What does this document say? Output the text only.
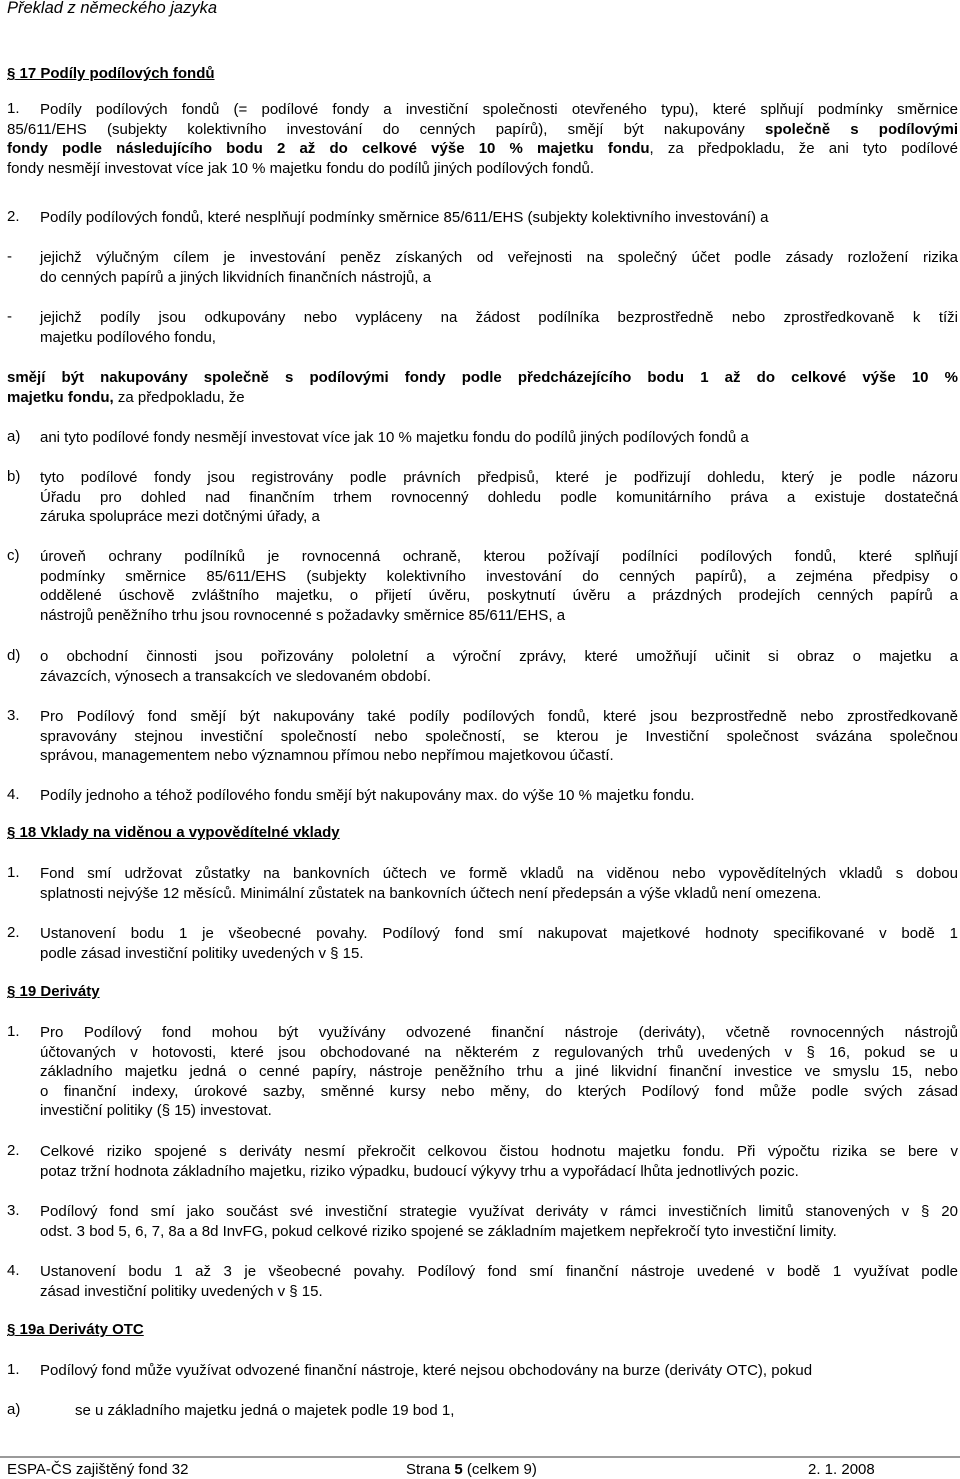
Překlad z německého jazyka
§ 17 Podíly podílových fondů
1. Podíly podílových fondů (= podílové fondy a investiční společnosti otevřeného typu), které splňují podmínky směrnice
85/611/EHS (subjekty kolektivního investování do cenných papírů), smějí být nakupovány společně s podílovými
fondy podle následujícího bodu 2 až do celkové výše 10 % majetku fondu, za předpokladu, že ani tyto podílové
fondy nesmějí investovat více jak 10 % majetku fondu do podílů jiných podílových fondů.
2. Podíly podílových fondů, které nesplňují podmínky směrnice 85/611/EHS (subjekty kolektivního investování) a
- jejichž výlučným cílem je investování peněz získaných od veřejnosti na společný účet podle zásady rozložení rizika
do cenných papírů a jiných likvidních finančních nástrojů, a
- jejichž podíly jsou odkupovány nebo vypláceny na žádost podílníka bezprostředně nebo zprostředkovaně k tíži
majetku podílového fondu,
smějí být nakupovány společně s podílovými fondy podle předcházejícího bodu 1 až do celkové výše 10 %
majetku fondu, za předpokladu, že
a) ani tyto podílové fondy nesmějí investovat více jak 10 % majetku fondu do podílů jiných podílových fondů a
b) tyto podílové fondy jsou registrovány podle právních předpisů, které je podřizují dohledu, který je podle názoru
Úřadu pro dohled nad finančním trhem rovnocenný dohledu podle komunitárního práva a existuje dostatečná
záruka spolupráce mezi dotčnými úřady, a
c) úroveň ochrany podílníků je rovnocenná ochraně, kterou požívají podílníci podílových fondů, které splňují
podmínky směrnice 85/611/EHS (subjekty kolektivního investování do cenných papírů), a zejména předpisy o
oddělené úschově zvláštního majetku, o přijetí úvěru, poskytnutí úvěru a prázdných prodejích cenných papírů a
nástrojů peněžního trhu jsou rovnocenné s požadavky směrnice 85/611/EHS, a
d) o obchodní činnosti jsou pořizovány pololetní a výroční zprávy, které umožňují učinit si obraz o majetku a
závazcích, výnosech a transakcích ve sledovaném období.
3. Pro Podílový fond smějí být nakupovány také podíly podílových fondů, které jsou bezprostředně nebo zprostředkovaně
spravovány stejnou investiční společností nebo společností, se kterou je Investiční společnost svázána společnou
správou, managementem nebo významnou přímou nebo nepřímou majetkovou účastí.
4. Podíly jednoho a téhož podílového fondu smějí být nakupovány max. do výše 10 % majetku fondu.
§ 18 Vklady na viděnou a vypovědítelné vklady
1. Fond smí udržovat zůstatky na bankovních účtech ve formě vkladů na viděnou nebo vypovědítelných vkladů s dobou
splatnosti nejvýše 12 měsíců. Minimální zůstatek na bankovních účtech není předepsán a výše vkladů není omezena.
2. Ustanovení bodu 1 je všeobecné povahy. Podílový fond smí nakupovat majetkové hodnoty specifikované v bodě 1
podle zásad investiční politiky uvedených v § 15.
§ 19 Deriváty
1. Pro Podílový fond mohou být využívány odvozené finanční nástroje (deriváty), včetně rovnocenných nástrojů
účtovaných v hotovosti, které jsou obchodované na některém z regulovaných trhů uvedených v § 16, pokud se u
základního majetku jedná o cenné papíry, nástroje peněžního trhu a jiné likvidní finanční investice ve smyslu 15, nebo
o finanční indexy, úrokové sazby, směnné kursy nebo měny, do kterých Podílový fond může podle svých zásad
investiční politiky (§ 15) investovat.
2. Celkové riziko spojené s deriváty nesmí překročit celkovou čistou hodnotu majetku fondu. Při výpočtu rizika se bere v
potaz tržní hodnota základního majetku, riziko výpadku, budoucí výkyvy trhu a vypořádací lhůta jednotlivých pozic.
3. Podílový fond smí jako součást své investiční strategie využívat deriváty v rámci investičních limitů stanovených v § 20
odst. 3 bod 5, 6, 7, 8a a 8d InvFG, pokud celkové riziko spojené se základním majetkem nepřekročí tyto investiční limity.
4. Ustanovení bodu 1 až 3 je všeobecné povahy. Podílový fond smí finanční nástroje uvedené v bodě 1 využívat podle
zásad investiční politiky uvedených v § 15.
§ 19a Deriváty OTC
1. Podílový fond může využívat odvozené finanční nástroje, které nejsou obchodovány na burze (deriváty OTC), pokud
a)	se u základního majetku jedná o majetek podle 19 bod 1,
ESPA-ČS zajištěný fond 32	Strana 5 (celkem 9)	2. 1. 2008
